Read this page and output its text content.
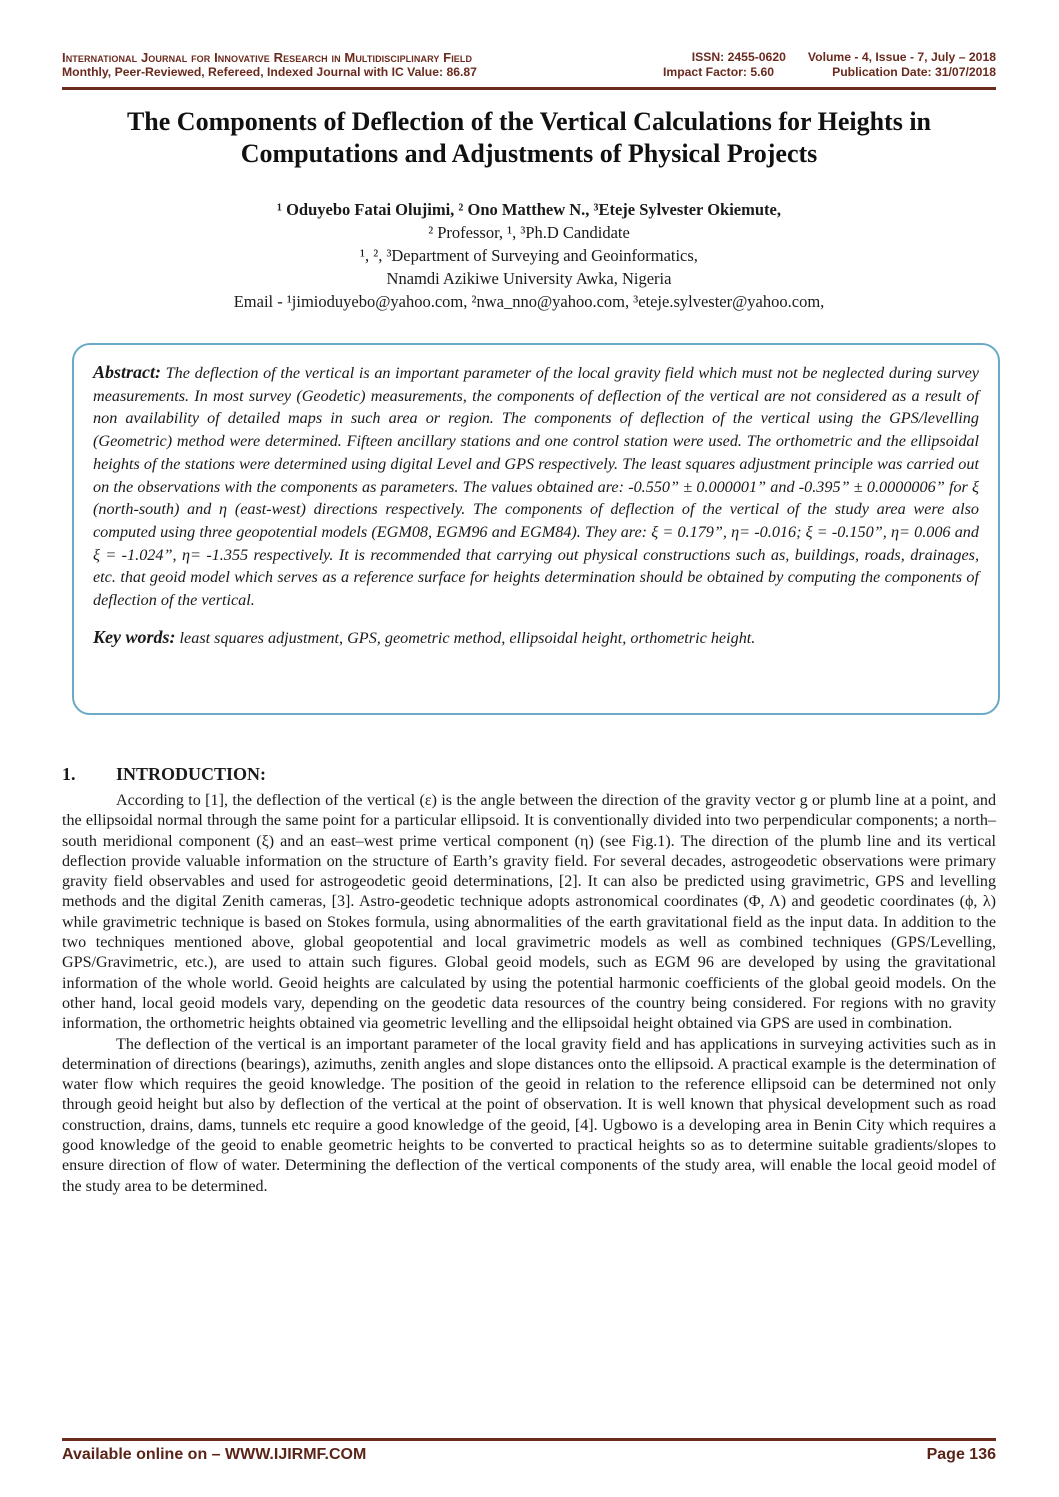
International Journal for Innovative Research in Multidisciplinary Field	ISSN: 2455-0620 Volume - 4, Issue - 7, July – 2018
Monthly, Peer-Reviewed, Refereed, Indexed Journal with IC Value: 86.87	Impact Factor: 5.60	Publication Date: 31/07/2018
The Components of Deflection of the Vertical Calculations for Heights in Computations and Adjustments of Physical Projects
¹ Oduyebo Fatai Olujimi, ² Ono Matthew N., ³Eteje Sylvester Okiemute,
² Professor, ¹, ³Ph.D Candidate
¹, ², ³Department of Surveying and Geoinformatics,
Nnamdi Azikiwe University Awka, Nigeria
Email - ¹jimioduyebo@yahoo.com, ²nwa_nno@yahoo.com, ³eteje.sylvester@yahoo.com,
Abstract: The deflection of the vertical is an important parameter of the local gravity field which must not be neglected during survey measurements. In most survey (Geodetic) measurements, the components of deflection of the vertical are not considered as a result of non availability of detailed maps in such area or region. The components of deflection of the vertical using the GPS/levelling (Geometric) method were determined. Fifteen ancillary stations and one control station were used. The orthometric and the ellipsoidal heights of the stations were determined using digital Level and GPS respectively. The least squares adjustment principle was carried out on the observations with the components as parameters. The values obtained are: -0.550” ± 0.000001” and -0.395” ± 0.0000006” for ξ (north-south) and η (east-west) directions respectively. The components of deflection of the vertical of the study area were also computed using three geopotential models (EGM08, EGM96 and EGM84). They are: ξ = 0.179”, η= -0.016; ξ = -0.150”, η= 0.006 and ξ = -1.024”, η= -1.355 respectively. It is recommended that carrying out physical constructions such as, buildings, roads, drainages, etc. that geoid model which serves as a reference surface for heights determination should be obtained by computing the components of deflection of the vertical.
Key words: least squares adjustment, GPS, geometric method, ellipsoidal height, orthometric height.
1. INTRODUCTION:

According to [1], the deflection of the vertical (ε) is the angle between the direction of the gravity vector g or plumb line at a point, and the ellipsoidal normal through the same point for a particular ellipsoid. It is conventionally divided into two perpendicular components; a north–south meridional component (ξ) and an east–west prime vertical component (η) (see Fig.1). The direction of the plumb line and its vertical deflection provide valuable information on the structure of Earth’s gravity field. For several decades, astrogeodetic observations were primary gravity field observables and used for astrogeodetic geoid determinations, [2]. It can also be predicted using gravimetric, GPS and levelling methods and the digital Zenith cameras, [3]. Astro-geodetic technique adopts astronomical coordinates (Φ, Λ) and geodetic coordinates (ϕ, λ) while gravimetric technique is based on Stokes formula, using abnormalities of the earth gravitational field as the input data. In addition to the two techniques mentioned above, global geopotential and local gravimetric models as well as combined techniques (GPS/Levelling, GPS/Gravimetric, etc.), are used to attain such figures. Global geoid models, such as EGM 96 are developed by using the gravitational information of the whole world. Geoid heights are calculated by using the potential harmonic coefficients of the global geoid models. On the other hand, local geoid models vary, depending on the geodetic data resources of the country being considered. For regions with no gravity information, the orthometric heights obtained via geometric levelling and the ellipsoidal height obtained via GPS are used in combination.

The deflection of the vertical is an important parameter of the local gravity field and has applications in surveying activities such as in determination of directions (bearings), azimuths, zenith angles and slope distances onto the ellipsoid. A practical example is the determination of water flow which requires the geoid knowledge. The position of the geoid in relation to the reference ellipsoid can be determined not only through geoid height but also by deflection of the vertical at the point of observation. It is well known that physical development such as road construction, drains, dams, tunnels etc require a good knowledge of the geoid, [4]. Ugbowo is a developing area in Benin City which requires a good knowledge of the geoid to enable geometric heights to be converted to practical heights so as to determine suitable gradients/slopes to ensure direction of flow of water. Determining the deflection of the vertical components of the study area, will enable the local geoid model of the study area to be determined.

Available online on – WWW.IJIRMF.COM	Page 136
